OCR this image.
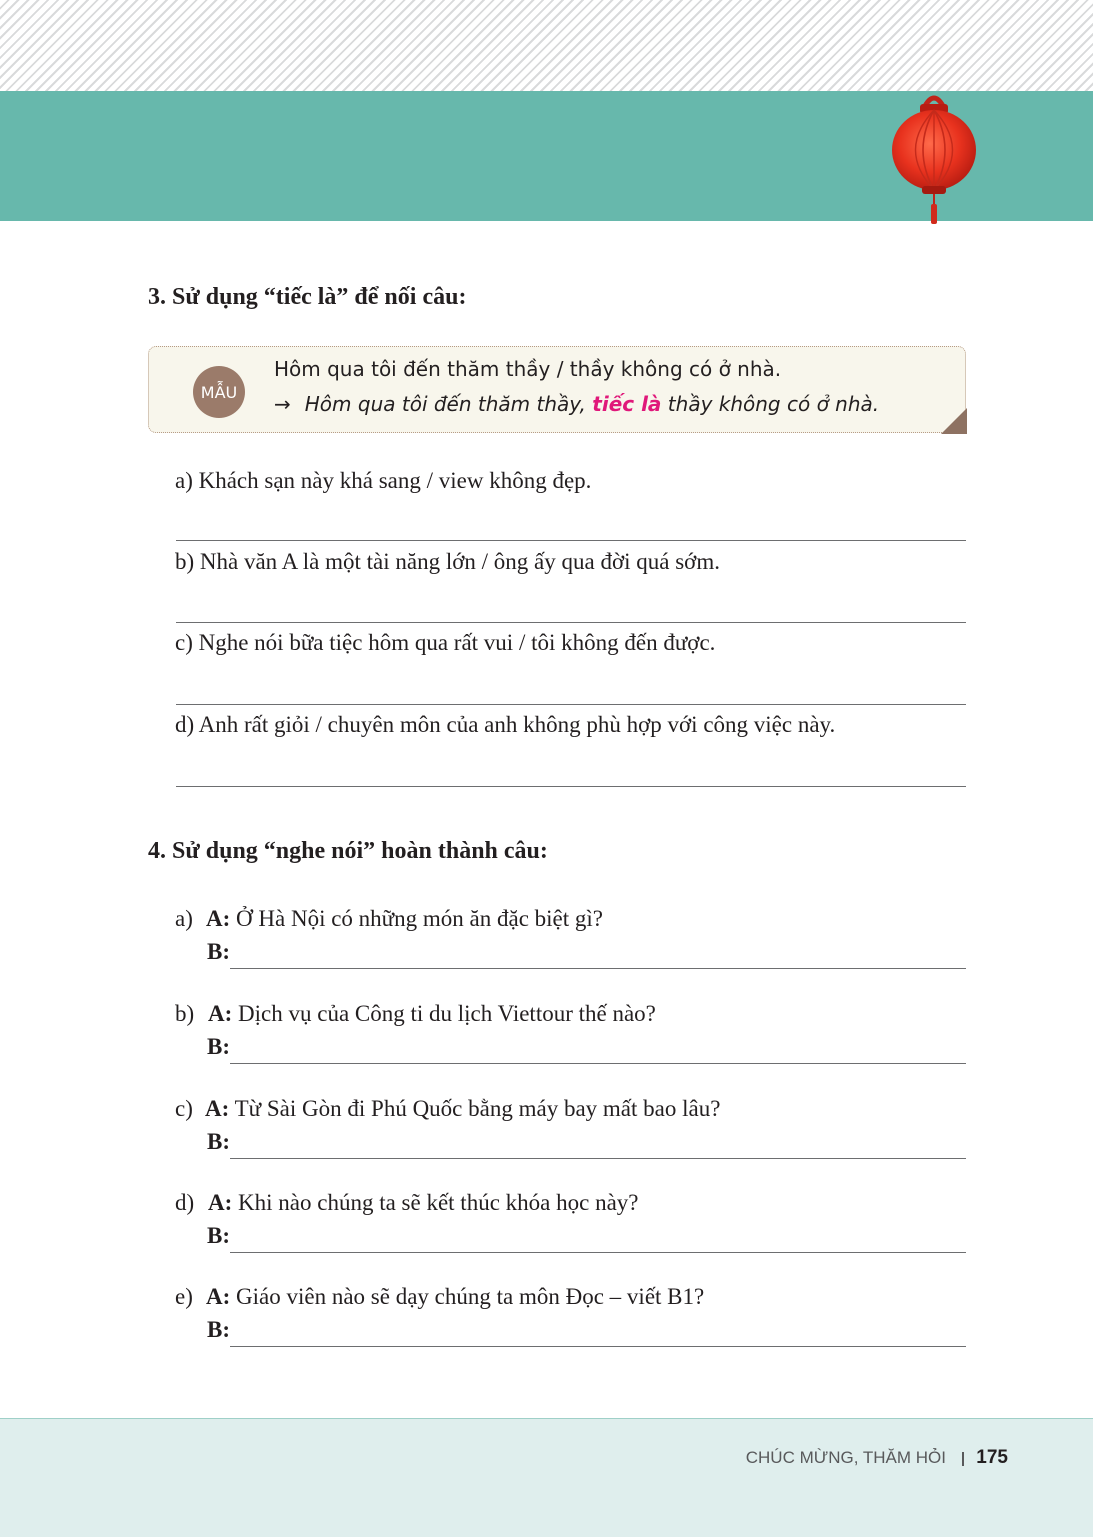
3. Sử dụng “tiếc là” để nối câu:
MẪU
Hôm qua tôi đến thăm thầy / thầy không có ở nhà.
→ Hôm qua tôi đến thăm thầy, tiếc là thầy không có ở nhà.

a) Khách sạn này khá sang / view không đẹp.

b) Nhà văn A là một tài năng lớn / ông ấy qua đời quá sớm.

c) Nghe nói bữa tiệc hôm qua rất vui / tôi không đến được.

d) Anh rất giỏi / chuyên môn của anh không phù hợp với công việc này.

4. Sử dụng “nghe nói” hoàn thành câu:
a) A: Ở Hà Nội có những món ăn đặc biệt gì?
B:
b) A: Dịch vụ của Công ti du lịch Viettour thế nào?
B:
c) A: Từ Sài Gòn đi Phú Quốc bằng máy bay mất bao lâu?
B:
d) A: Khi nào chúng ta sẽ kết thúc khóa học này?
B:
e) A: Giáo viên nào sẽ dạy chúng ta môn Đọc – viết B1?
B:
CHÚC MỪNG, THĂM HỎI 175
